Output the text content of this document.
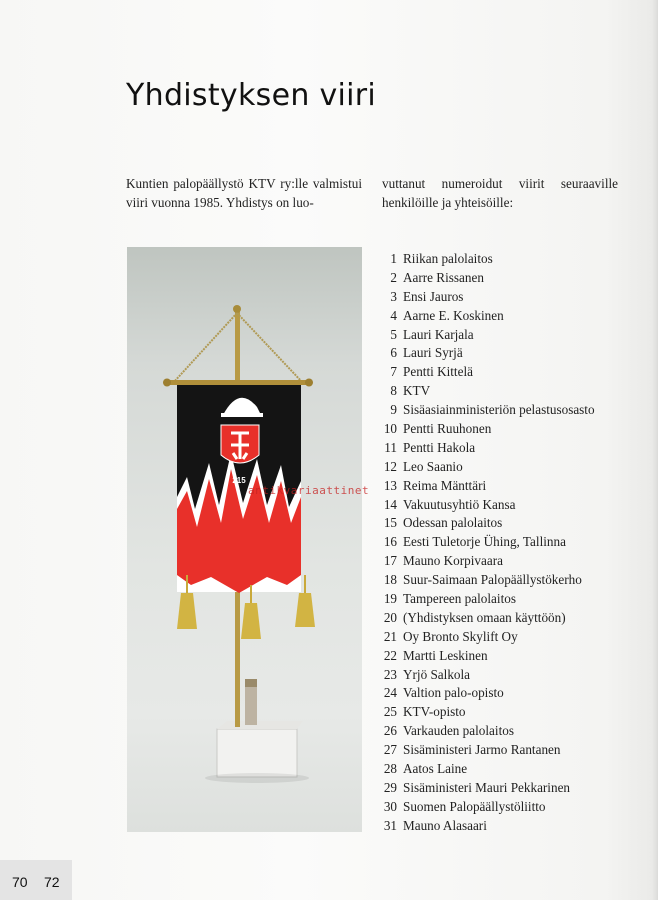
Yhdistyksen viiri

Kuntien palopäällystö KTV ry:lle valmistui viiri vuonna 1985. Yhdistys on luo-

vuttanut numeroidut viirit seuraaville henkilöille ja yhteisöille:

215
1 Riikan palolaitos
2 Aarre Rissanen
3 Ensi Jauros
4 Aarne E. Koskinen
5 Lauri Karjala
6 Lauri Syrjä
7 Pentti Kittelä
8 KTV
9 Sisäasiainministeriön pelastusosasto
10 Pentti Ruuhonen
11 Pentti Hakola
12 Leo Saanio
13 Reima Mänttäri
14 Vakuutusyhtiö Kansa
15 Odessan palolaitos
16 Eesti Tuletorje Ühing, Tallinna
17 Mauno Korpivaara
18 Suur-Saimaan Palopäällystökerho
19 Tampereen palolaitos
20 (Yhdistyksen omaan käyttöön)
21 Oy Bronto Skylift Oy
22 Martti Leskinen
23 Yrjö Salkola
24 Valtion palo-opisto
25 KTV-opisto
26 Varkauden palolaitos
27 Sisäministeri Jarmo Rantanen
28 Aatos Laine
29 Sisäministeri Mauri Pekkarinen
30 Suomen Palopäällystöliitto
31 Mauno Alasaari
antikvariaattinet
70 72
